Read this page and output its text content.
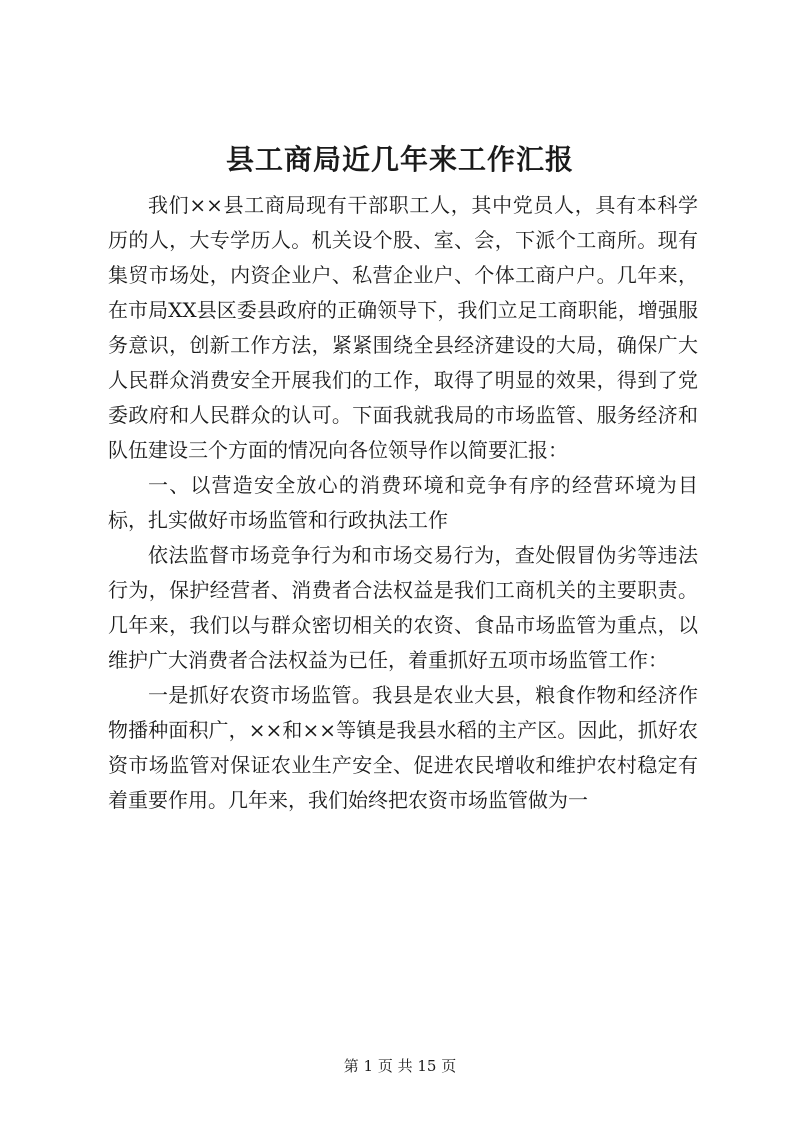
县工商局近几年来工作汇报

我们××县工商局现有干部职工人，其中党员人，具有本科学历的人，大专学历人。机关设个股、室、会，下派个工商所。现有集贸市场处，内资企业户、私营企业户、个体工商户户。几年来，在市局XX县区委县政府的正确领导下，我们立足工商职能，增强服务意识，创新工作方法，紧紧围绕全县经济建设的大局，确保广大人民群众消费安全开展我们的工作，取得了明显的效果，得到了党委政府和人民群众的认可。下面我就我局的市场监管、服务经济和队伍建设三个方面的情况向各位领导作以简要汇报：

一、以营造安全放心的消费环境和竞争有序的经营环境为目标，扎实做好市场监管和行政执法工作

依法监督市场竞争行为和市场交易行为，查处假冒伪劣等违法行为，保护经营者、消费者合法权益是我们工商机关的主要职责。几年来，我们以与群众密切相关的农资、食品市场监管为重点，以维护广大消费者合法权益为已任，着重抓好五项市场监管工作：

一是抓好农资市场监管。我县是农业大县，粮食作物和经济作物播种面积广，××和××等镇是我县水稻的主产区。因此，抓好农资市场监管对保证农业生产安全、促进农民增收和维护农村稳定有着重要作用。几年来，我们始终把农资市场监管做为一

第 1 页 共 15 页
